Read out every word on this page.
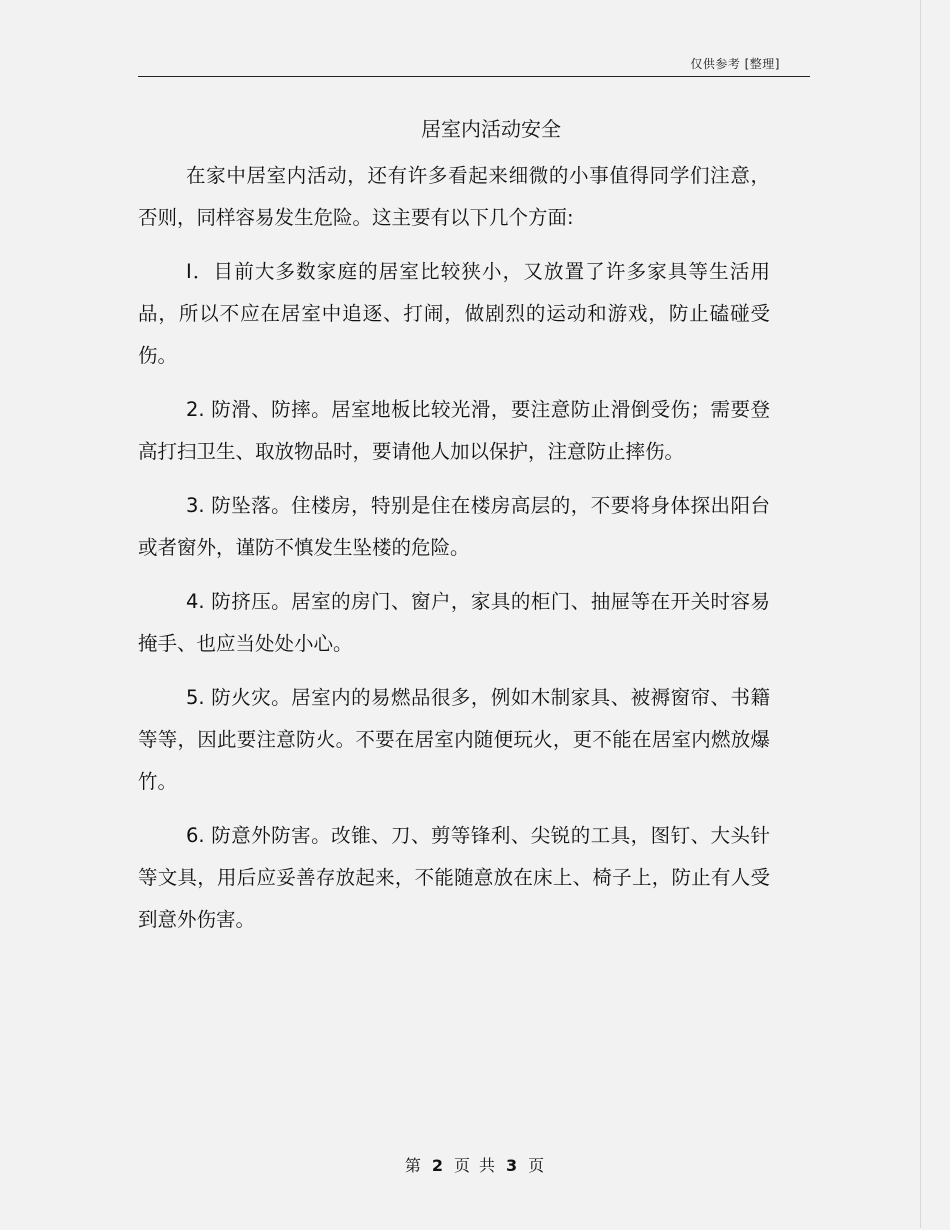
仅供参考 [整理]
居室内活动安全

在家中居室内活动，还有许多看起来细微的小事值得同学们注意，否则，同样容易发生危险。这主要有以下几个方面:

I．目前大多数家庭的居室比较狭小，又放置了许多家具等生活用品，所以不应在居室中追逐、打闹，做剧烈的运动和游戏，防止磕碰受伤。

2. 防滑、防摔。居室地板比较光滑，要注意防止滑倒受伤；需要登高打扫卫生、取放物品时，要请他人加以保护，注意防止摔伤。

3. 防坠落。住楼房，特别是住在楼房高层的，不要将身体探出阳台或者窗外，谨防不慎发生坠楼的危险。

4. 防挤压。居室的房门、窗户，家具的柜门、抽屉等在开关时容易掩手、也应当处处小心。

5. 防火灾。居室内的易燃品很多，例如木制家具、被褥窗帘、书籍等等，因此要注意防火。不要在居室内随便玩火，更不能在居室内燃放爆竹。

6. 防意外防害。改锥、刀、剪等锋利、尖锐的工具，图钉、大头针等文具，用后应妥善存放起来，不能随意放在床上、椅子上，防止有人受到意外伤害。

第 2 页 共 3 页
